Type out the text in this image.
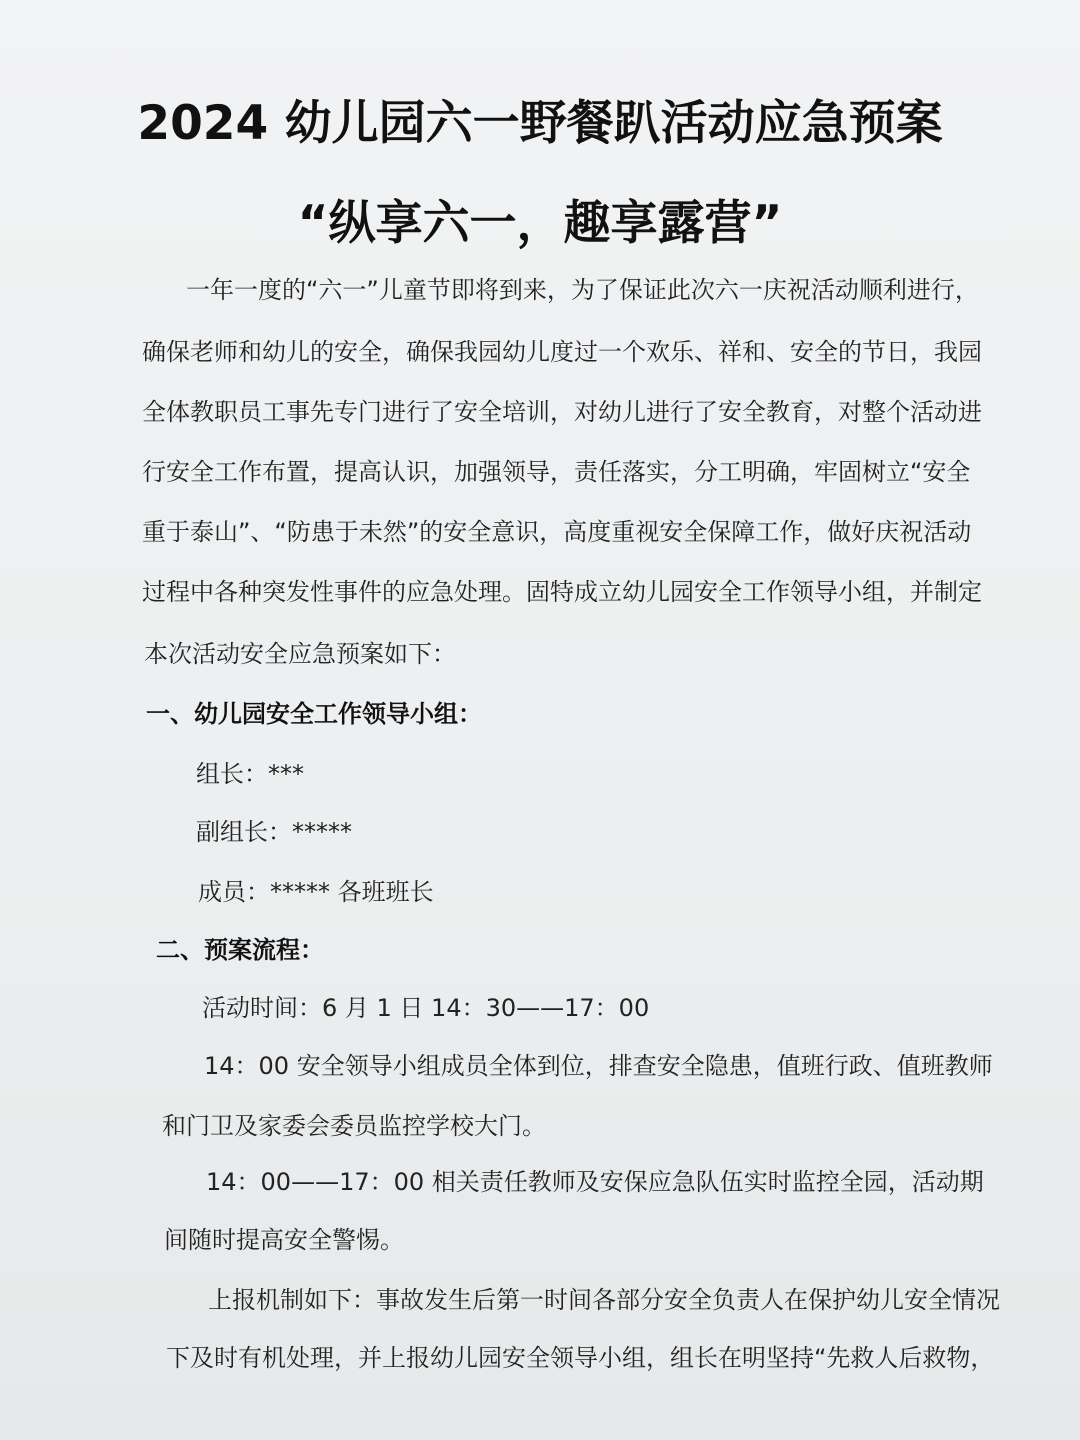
2024 幼儿园六一野餐趴活动应急预案
“纵享六一，趣享露营”

一年一度的“六一”儿童节即将到来，为了保证此次六一庆祝活动顺利进行，

确保老师和幼儿的安全，确保我园幼儿度过一个欢乐、祥和、安全的节日，我园

全体教职员工事先专门进行了安全培训，对幼儿进行了安全教育，对整个活动进

行安全工作布置，提高认识，加强领导，责任落实，分工明确，牢固树立“安全

重于泰山”、“防患于未然”的安全意识，高度重视安全保障工作，做好庆祝活动

过程中各种突发性事件的应急处理。固特成立幼儿园安全工作领导小组，并制定

本次活动安全应急预案如下：

一、幼儿园安全工作领导小组：

组长：***

副组长：*****

成员：***** 各班班长

二、预案流程：

活动时间：6 月 1 日 14：30——17：00

14：00 安全领导小组成员全体到位，排查安全隐患，值班行政、值班教师

和门卫及家委会委员监控学校大门。

14：00——17：00 相关责任教师及安保应急队伍实时监控全园，活动期

间随时提高安全警惕。

上报机制如下：事故发生后第一时间各部分安全负责人在保护幼儿安全情况

下及时有机处理，并上报幼儿园安全领导小组，组长在明坚持“先救人后救物，
